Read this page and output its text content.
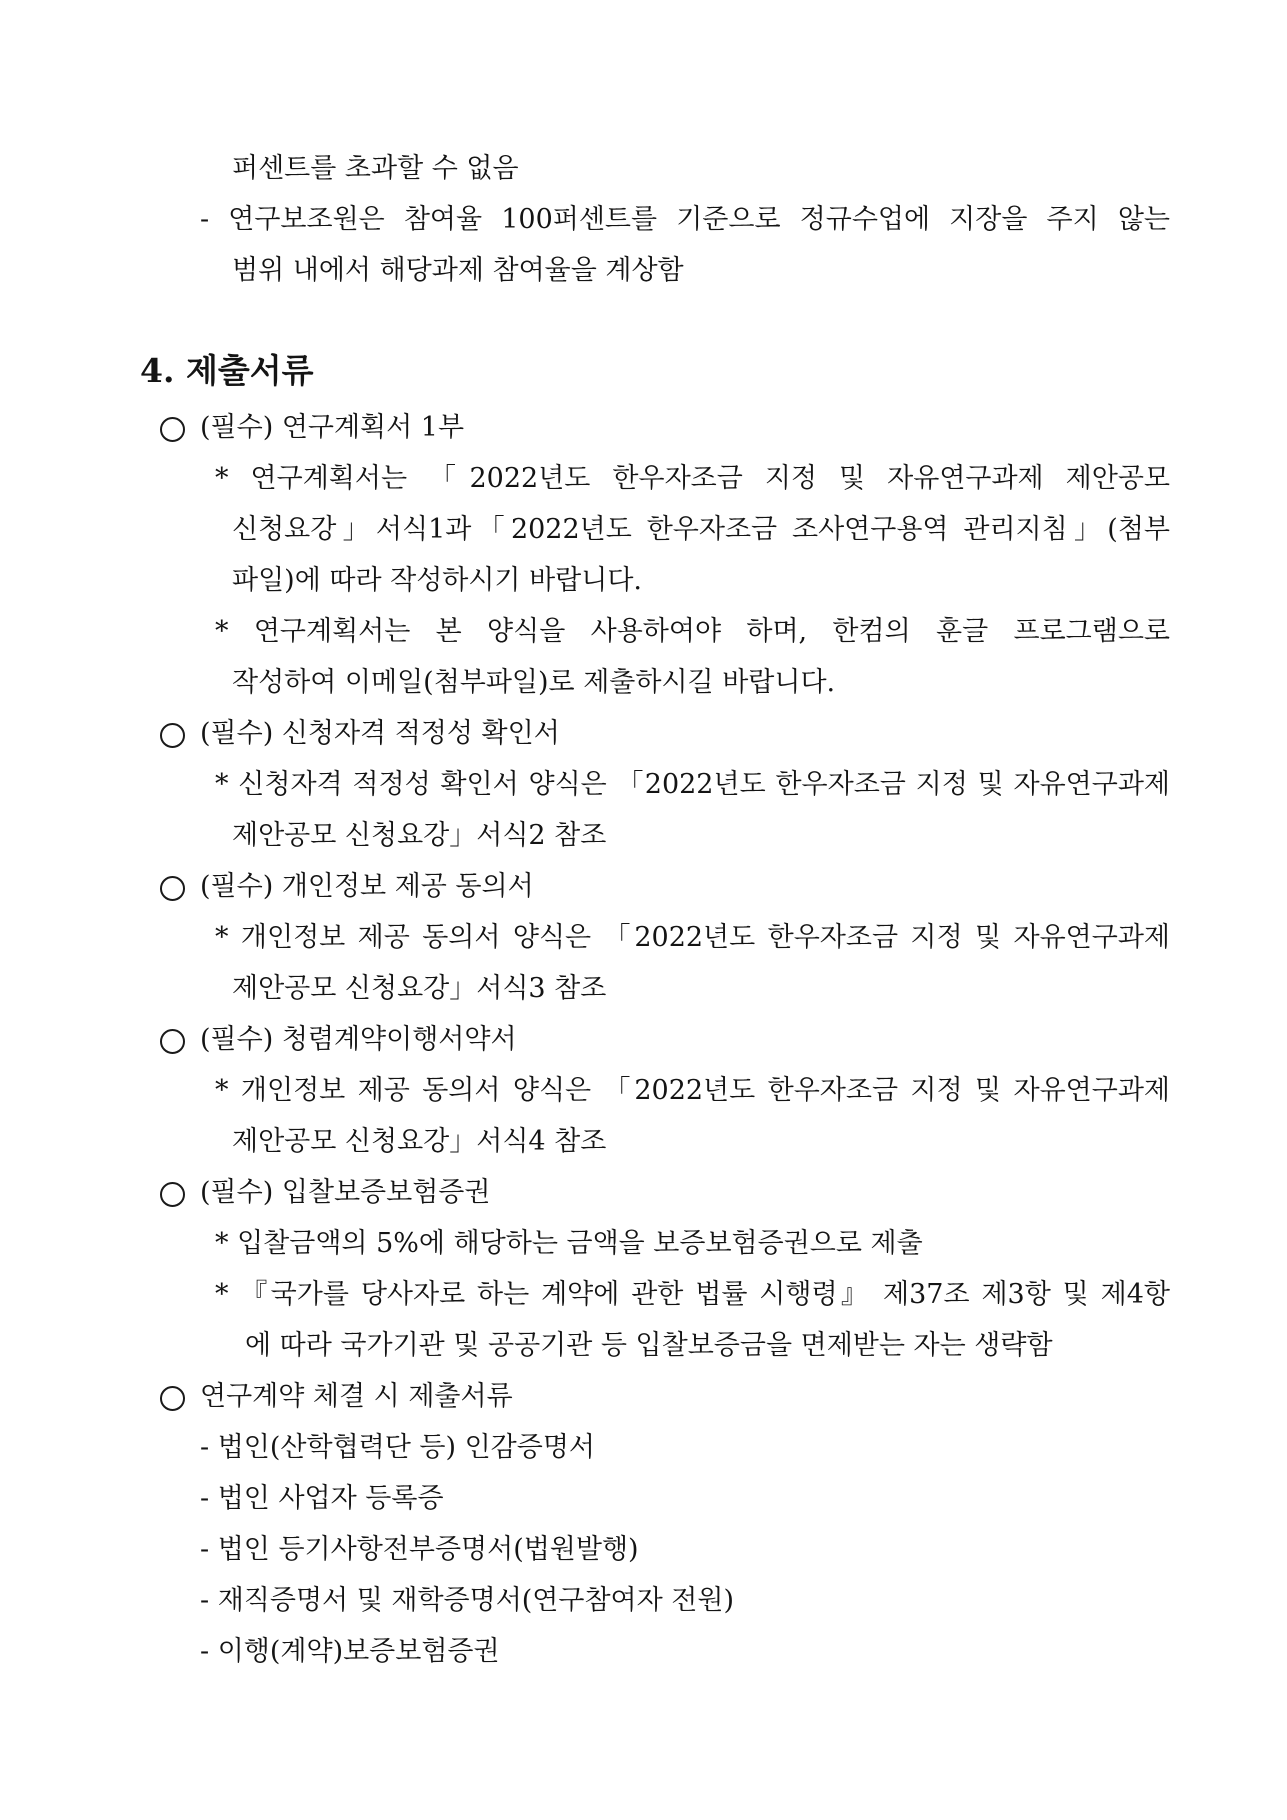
퍼센트를 초과할 수 없음
- 연구보조원은 참여율 100퍼센트를 기준으로 정규수업에 지장을 주지 않는
범위 내에서 해당과제 참여율을 계상함
4. 제출서류
(필수) 연구계획서 1부
* 연구계획서는 「2022년도 한우자조금 지정 및 자유연구과제 제안공모
신청요강」서식1과「2022년도 한우자조금 조사연구용역 관리지침」(첨부
파일)에 따라 작성하시기 바랍니다.
* 연구계획서는 본 양식을 사용하여야 하며, 한컴의 훈글 프로그램으로
작성하여 이메일(첨부파일)로 제출하시길 바랍니다.
(필수) 신청자격 적정성 확인서
* 신청자격 적정성 확인서 양식은 「2022년도 한우자조금 지정 및 자유연구과제
제안공모 신청요강」서식2 참조
(필수) 개인정보 제공 동의서
* 개인정보 제공 동의서 양식은 「2022년도 한우자조금 지정 및 자유연구과제
제안공모 신청요강」서식3 참조
(필수) 청렴계약이행서약서
* 개인정보 제공 동의서 양식은 「2022년도 한우자조금 지정 및 자유연구과제
제안공모 신청요강」서식4 참조
(필수) 입찰보증보험증권
* 입찰금액의 5%에 해당하는 금액을 보증보험증권으로 제출
* 『국가를 당사자로 하는 계약에 관한 법률 시행령』 제37조 제3항 및 제4항
에 따라 국가기관 및 공공기관 등 입찰보증금을 면제받는 자는 생략함
연구계약 체결 시 제출서류
- 법인(산학협력단 등) 인감증명서
- 법인 사업자 등록증
- 법인 등기사항전부증명서(법원발행)
- 재직증명서 및 재학증명서(연구참여자 전원)
- 이행(계약)보증보험증권
